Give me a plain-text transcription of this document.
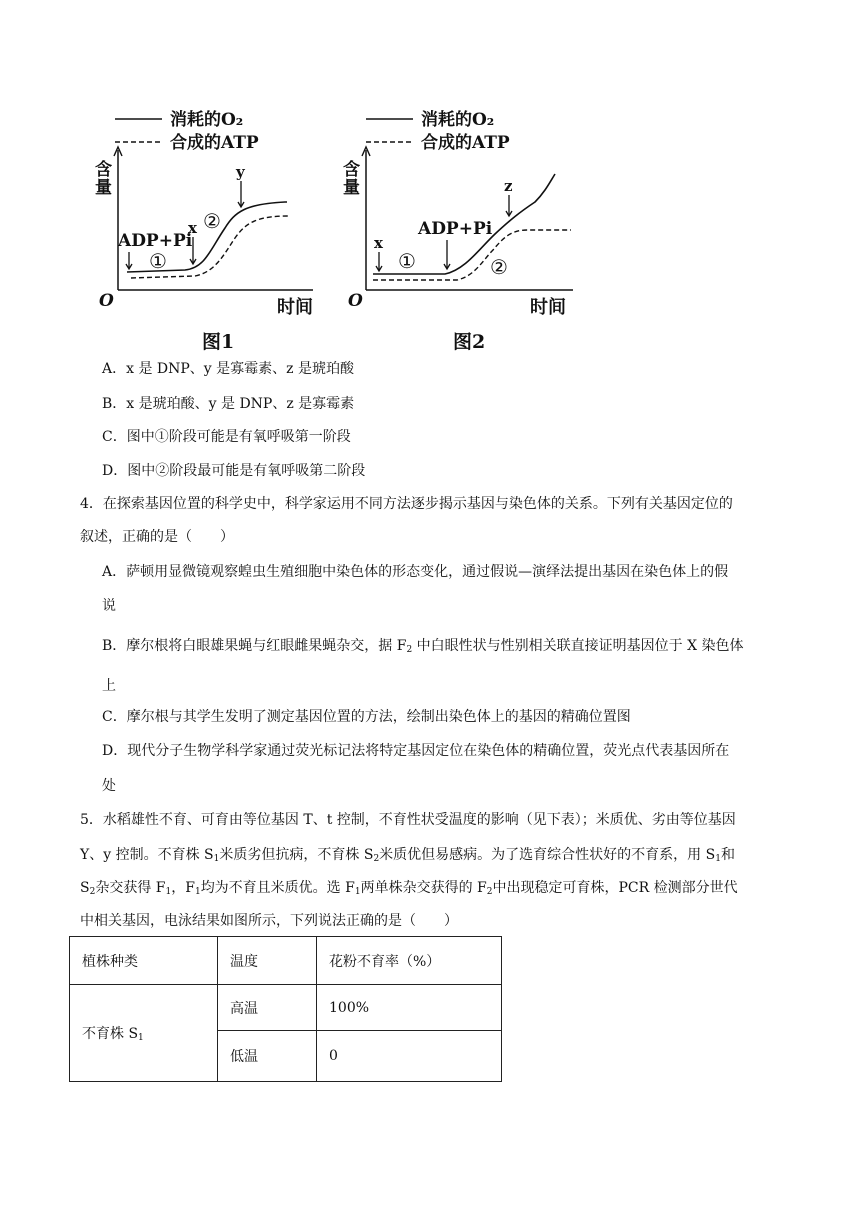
消耗的O₂
合成的ATP
含
量
O	时间
ADP+Pi
x
y
①
②
图1
消耗的O₂
合成的ATP
含
量
O	时间
ADP+Pi
x
z
①	②
图2
A．x 是 DNP、y 是寡霉素、z 是琥珀酸
B．x 是琥珀酸、y 是 DNP、z 是寡霉素
C．图中①阶段可能是有氧呼吸第一阶段
D．图中②阶段最可能是有氧呼吸第二阶段
4．在探索基因位置的科学史中，科学家运用不同方法逐步揭示基因与染色体的关系。下列有关基因定位的
叙述，正确的是（　　）
A．萨顿用显微镜观察蝗虫生殖细胞中染色体的形态变化，通过假说—演绎法提出基因在染色体上的假
说
B．摩尔根将白眼雄果蝇与红眼雌果蝇杂交，据 $F_2$ 中白眼性状与性别相关联直接证明基因位于 X 染色体
上
C．摩尔根与其学生发明了测定基因位置的方法，绘制出染色体上的基因的精确位置图
D．现代分子生物学科学家通过荧光标记法将特定基因定位在染色体的精确位置，荧光点代表基因所在
处
5．水稻雄性不育、可育由等位基因 T、t 控制，不育性状受温度的影响（见下表）；米质优、劣由等位基因
Y、y 控制。不育株 $S_1$米质劣但抗病，不育株 $S_2$米质优但易感病。为了选育综合性状好的不育系，用 $S_1$和
$S_2$杂交获得 $F_1$，$F_1$均为不育且米质优。选 $F_1$两单株杂交获得的 $F_2$中出现稳定可育株，PCR 检测部分世代
中相关基因，电泳结果如图所示，下列说法正确的是（　　）
植株种类	温度	花粉不育率（%）
不育株 $S_1$	高温	100%
	低温	0
